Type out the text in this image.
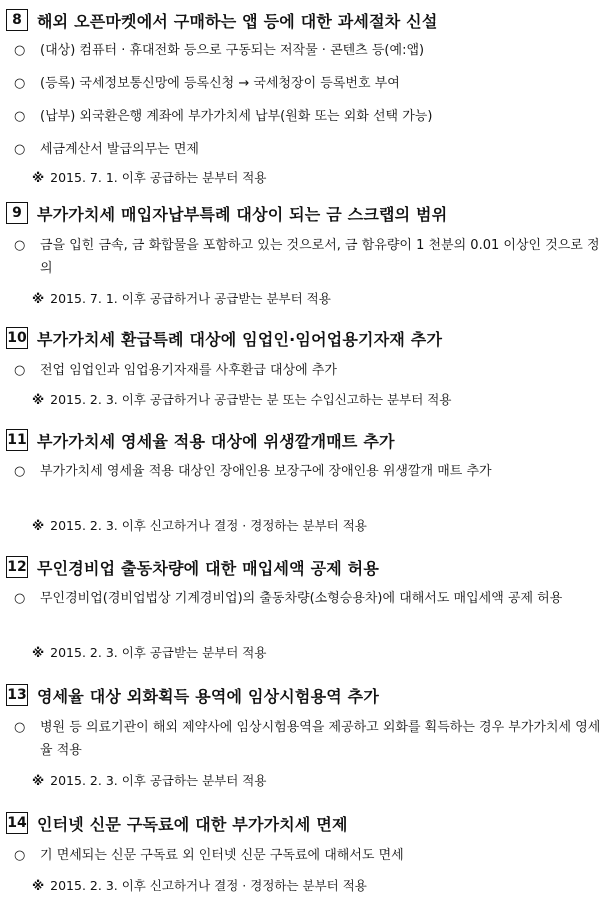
8 해외 오픈마켓에서 구매하는 앱 등에 대한 과세절차 신설
○ (대상) 컴퓨터 · 휴대전화 등으로 구동되는 저작물 · 콘텐츠 등(예:앱)
○ (등록) 국세정보통신망에 등록신청 → 국세청장이 등록번호 부여
○ (납부) 외국환은행 계좌에 부가가치세 납부(원화 또는 외화 선택 가능)
○ 세금계산서 발급의무는 면제
※ 2015. 7. 1. 이후 공급하는 분부터 적용
9 부가가치세 매입자납부특례 대상이 되는 금 스크랩의 범위
○ 금을 입힌 금속, 금 화합물을 포함하고 있는 것으로서, 금 함유량이 1 천분의 0.01 이상인 것으로 정의
※ 2015. 7. 1. 이후 공급하거나 공급받는 분부터 적용
10 부가가치세 환급특례 대상에 임업인·임어업용기자재 추가
○ 전업 임업인과 임업용기자재를 사후환급 대상에 추가
※ 2015. 2. 3. 이후 공급하거나 공급받는 분 또는 수입신고하는 분부터 적용
11 부가가치세 영세율 적용 대상에 위생깔개매트 추가
○ 부가가치세 영세율 적용 대상인 장애인용 보장구에 장애인용 위생깔개 매트 추가
※ 2015. 2. 3. 이후 신고하거나 결정 · 경정하는 분부터 적용
12 무인경비업 출동차량에 대한 매입세액 공제 허용
○ 무인경비업(경비업법상 기계경비업)의 출동차량(소형승용차)에 대해서도 매입세액 공제 허용
※ 2015. 2. 3. 이후 공급받는 분부터 적용
13 영세율 대상 외화획득 용역에 임상시험용역 추가
○ 병원 등 의료기관이 해외 제약사에 임상시험용역을 제공하고 외화를 획득하는 경우 부가가치세 영세율 적용
※ 2015. 2. 3. 이후 공급하는 분부터 적용
14 인터넷 신문 구독료에 대한 부가가치세 면제
○ 기 면세되는 신문 구독료 외 인터넷 신문 구독료에 대해서도 면세
※ 2015. 2. 3. 이후 신고하거나 결정 · 경정하는 분부터 적용
